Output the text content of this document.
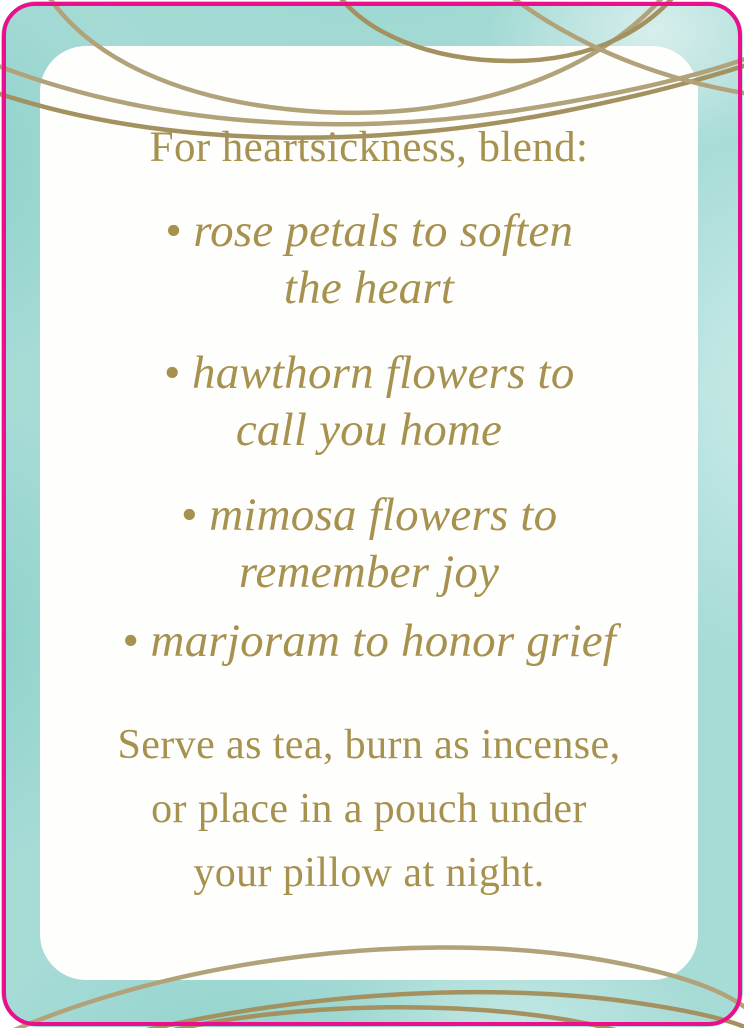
For heartsickness, blend:
• rose petals to soften
the heart
• hawthorn flowers to
call you home
• mimosa flowers to
remember joy
• marjoram to honor grief

Serve as tea, burn as incense,
or place in a pouch under
your pillow at night.
